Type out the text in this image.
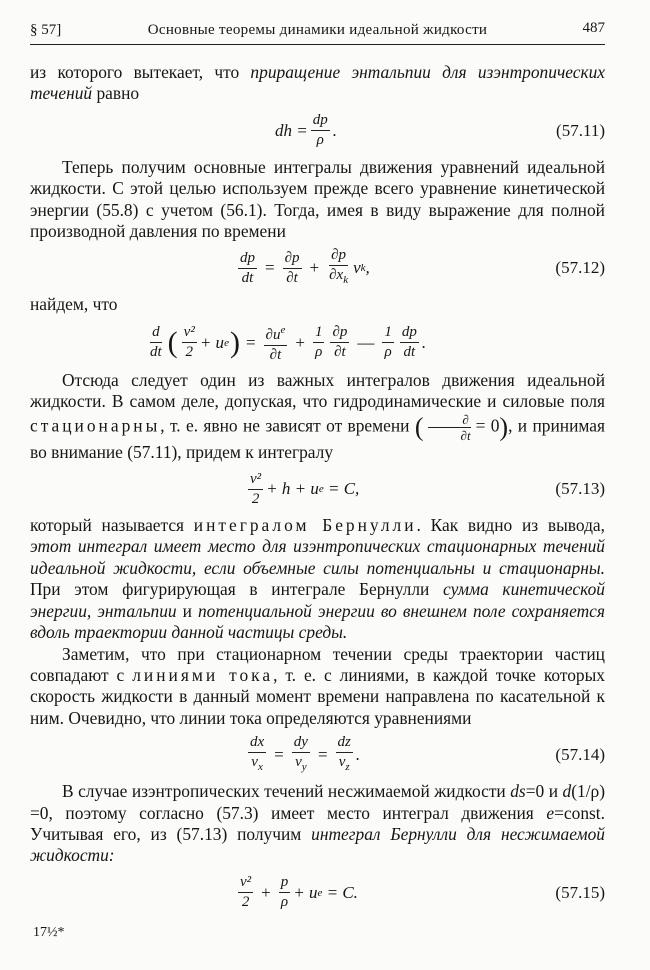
§ 57]	Основные теоремы динамики идеальной жидкости	487

из которого вытекает, что приращение энтальпии для изэнтропических течений равно

dh = $\frac{dp}{\rho}$ .	(57.11)

Теперь получим основные интегралы движения уравнений идеальной жидкости. С этой целью используем прежде всего уравнение кинетической энергии (55.8) с учетом (56.1). Тогда, имея в виду выражение для полной производной давления по времени

$\frac{dp}{dt} = \frac{\partial p}{\partial t} + \frac{\partial p}{\partial x_k}$ v k ,	(57.12)

найдем, что

$\frac{d}{dt}$ ( $\frac{\text{v²}}{2} + u$ e ) = $\frac{\partial u^e}{\partial t} + \frac{1}{\rho} \frac{\partial p}{\partial t}$ — $\frac{1}{\rho} \frac{dp}{dt}$ .

Отсюда следует один из важных интегралов движения идеальной жидкости. В самом деле, допуская, что гидродинамические и силовые поля стационарны, т. е. явно не зависят от времени ( $\frac{\partial}{\partial t} = 0$), и принимая во внимание (57.11), придем к интегралу

$\frac{\text{v²}}{2} + h + u$ e
= C,	(57.13)

который называется интегралом Бернулли. Как видно из вывода, этот интеграл имеет место для изэнтропических стационарных течений идеальной жидкости, если объемные силы потенциальны и стационарны. При этом фигурирующая в интеграле Бернулли сумма кинетической энергии, энтальпии и потенциальной энергии во внешнем поле сохраняется вдоль траектории данной частицы среды.

Заметим, что при стационарном течении среды траектории частиц совпадают с линиями тока, т. е. с линиями, в каждой точке которых скорость жидкости в данный момент времени направлена по касательной к ним. Очевидно, что линии тока определяются уравнениями

$\frac{dx}{v_x} = \frac{dy}{v_y} = \frac{dz}{v_z}$ .	(57.14)

В случае изэнтропических течений несжимаемой жидкости ds=0 и d(1/ρ) =0, поэтому согласно (57.3) имеет место интеграл движения e=const. Учитывая его, из (57.13) получим интеграл Бернулли для несжимаемой жидкости:

$\frac{\text{v²}}{2} + \frac{p}{\rho} + u$ e
= C.	(57.15)
17½*
